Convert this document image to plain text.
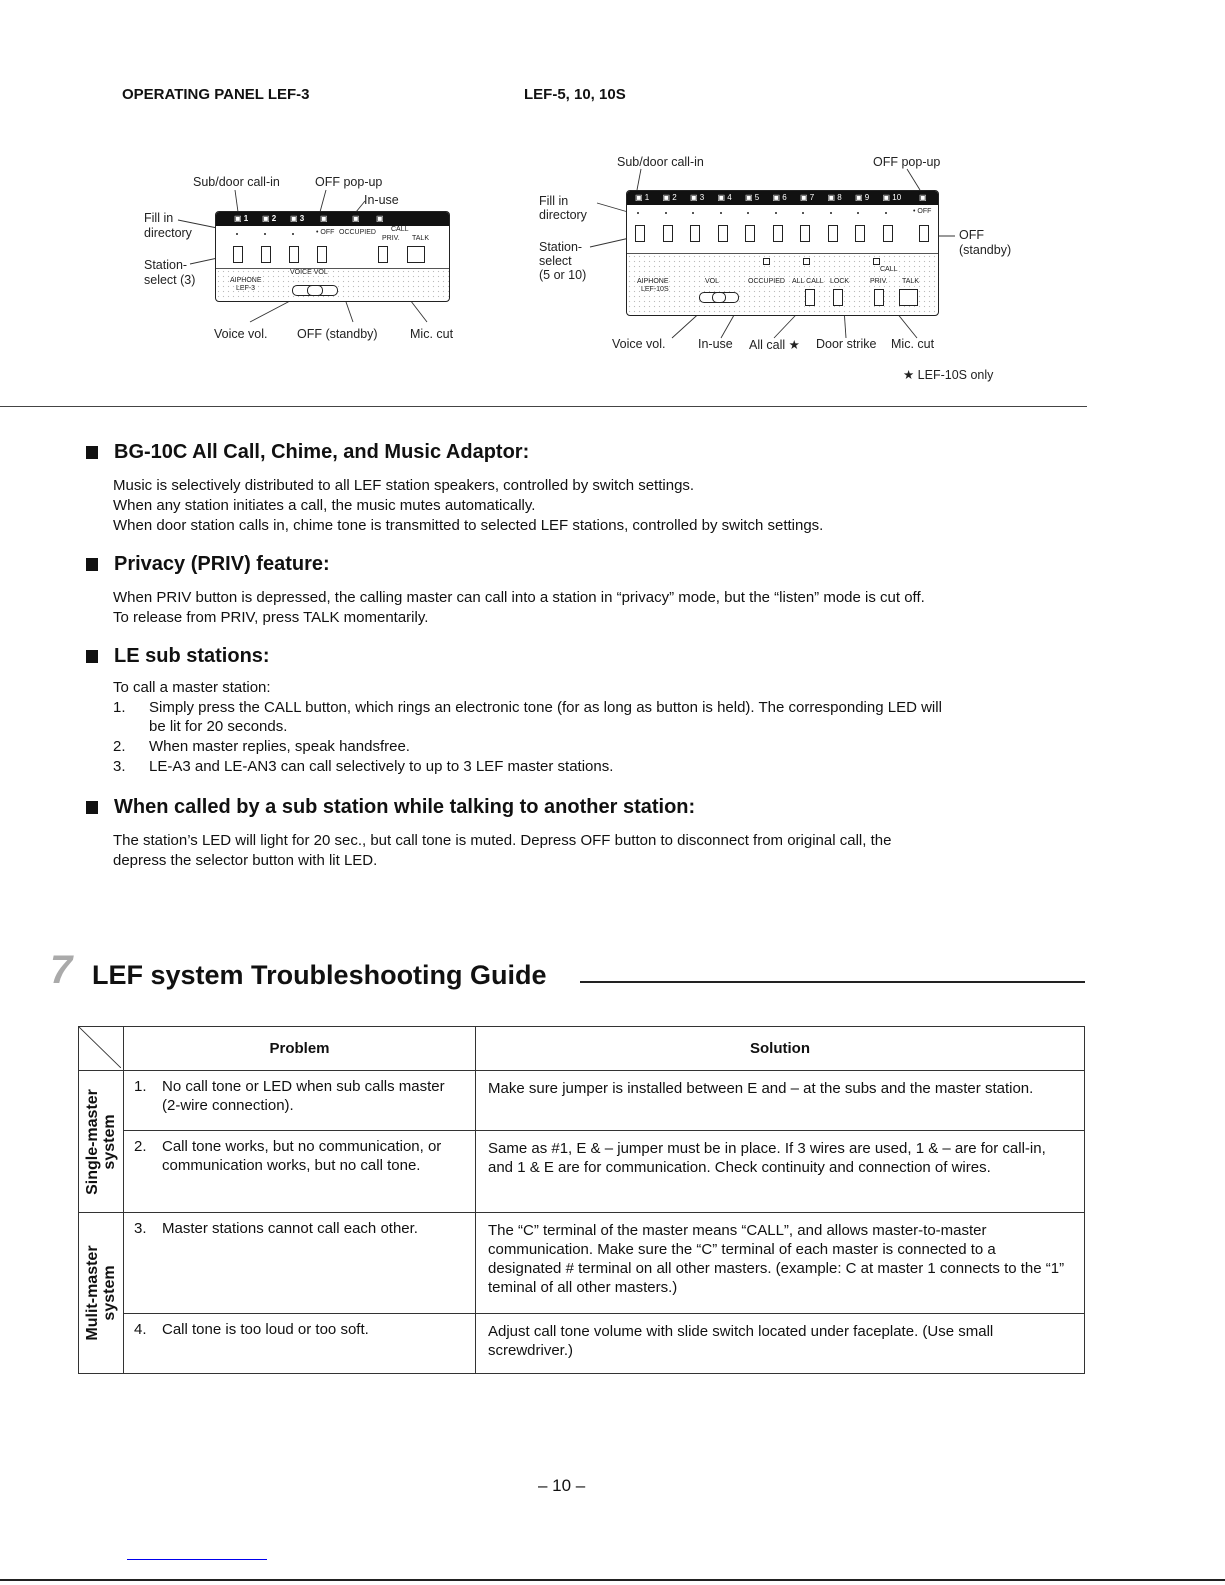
OPERATING PANEL LEF-3	LEF-5, 10, 10S
Sub/door call-in	OFF pop-up
In-use
Fill in
directory
Station-
select (3)
Voice vol. OFF (standby)	Mic. cut
▣ 1 ▣ 2 ▣ 3 ▣	▣ ▣
• OFF OCCUPIED CALL
PRIV. TALK
AIPHONE
LEF-3
VOICE VOL
Sub/door call-in	OFF pop-up
Fill in
directory
Station-
select
(5 or 10)
OFF
(standby)
Voice vol.	In-use All call ★ Door strike Mic. cut
★ LEF-10S only
▣ 1 ▣ 2 ▣ 3 ▣ 4 ▣ 5 ▣ 6 ▣ 7 ▣ 8 ▣ 9 ▣ 10 ▣
• OFF
AIPHONE
LEF-10S
VOL	OCCUPIED ALL CALL LOCK
CALL
PRIV. TALK
BG-10C All Call, Chime, and Music Adaptor:
Music is selectively distributed to all LEF station speakers, controlled by switch settings.
When any station initiates a call, the music mutes automatically.
When door station calls in, chime tone is transmitted to selected LEF stations, controlled by switch settings.
Privacy (PRIV) feature:
When PRIV button is depressed, the calling master can call into a station in “privacy” mode, but the “listen” mode is cut off.
To release from PRIV, press TALK momentarily.
LE sub stations:
To call a master station:
1. Simply press the CALL button, which rings an electronic tone (for as long as button is held). The corresponding LED will
be lit for 20 seconds.
2. When master replies, speak handsfree.
3. LE-A3 and LE-AN3 can call selectively to up to 3 LEF master stations.
When called by a sub station while talking to another station:
The station’s LED will light for 20 sec., but call tone is muted. Depress OFF button to disconnect from original call, the
depress the selector button with lit LED.
7 LEF system Troubleshooting Guide
	Problem	Solution

Single-master
system	1. No call tone or LED when sub calls master (2-wire connection).	Make sure jumper is installed between E and – at the subs and the master station.
	2. Call tone works, but no communication, or communication works, but no call tone.	Same as #1, E & – jumper must be in place. If 3 wires are used, 1 & – are for call-in, and 1 & E are for communication. Check continuity and connection of wires.

Mulit-master
system	3. Master stations cannot call each other.	The “C” terminal of the master means “CALL”, and allows master-to-master communication. Make sure the “C” terminal of each master is connected to a designated # terminal on all other masters. (example: C at master 1 connects to the “1” teminal of all other masters.)
	4. Call tone is too loud or too soft.	Adjust call tone volume with slide switch located under faceplate. (Use small screwdriver.)
– 10 –
